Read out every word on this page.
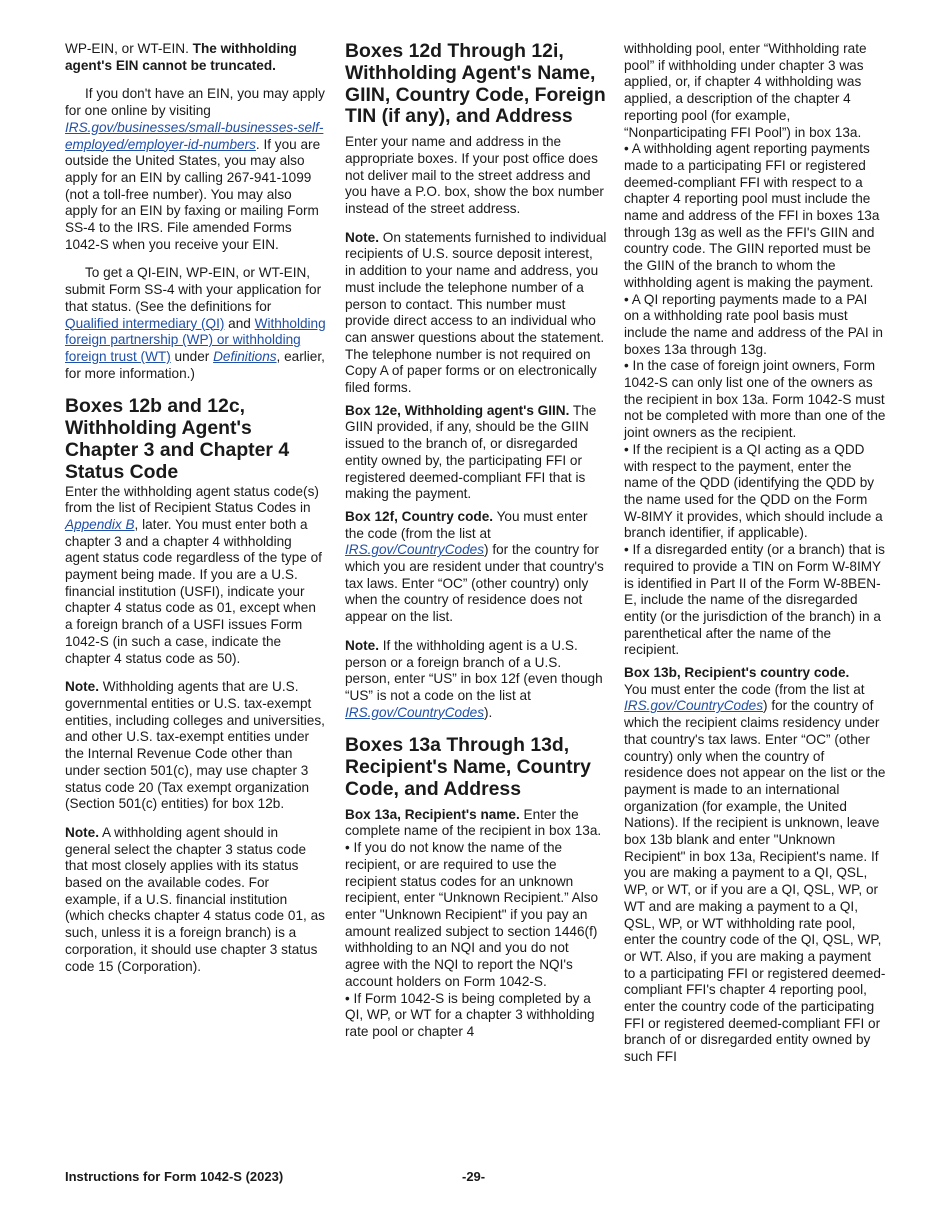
WP-EIN, or WT-EIN. The withholding agent's EIN cannot be truncated.

If you don't have an EIN, you may apply for one online by visiting IRS.gov/businesses/small-businesses-self-employed/employer-id-numbers. If you are outside the United States, you may also apply for an EIN by calling 267-941-1099 (not a toll-free number). You may also apply for an EIN by faxing or mailing Form SS-4 to the IRS. File amended Forms 1042-S when you receive your EIN.

To get a QI-EIN, WP-EIN, or WT-EIN, submit Form SS-4 with your application for that status. (See the definitions for Qualified intermediary (QI) and Withholding foreign partnership (WP) or withholding foreign trust (WT) under Definitions, earlier, for more information.)

Boxes 12b and 12c, Withholding Agent's Chapter 3 and Chapter 4 Status Code

Enter the withholding agent status code(s) from the list of Recipient Status Codes in Appendix B, later. You must enter both a chapter 3 and a chapter 4 withholding agent status code regardless of the type of payment being made. If you are a U.S. financial institution (USFI), indicate your chapter 4 status code as 01, except when a foreign branch of a USFI issues Form 1042-S (in such a case, indicate the chapter 4 status code as 50).

Note. Withholding agents that are U.S. governmental entities or U.S. tax-exempt entities, including colleges and universities, and other U.S. tax-exempt entities under the Internal Revenue Code other than under section 501(c), may use chapter 3 status code 20 (Tax exempt organization (Section 501(c) entities) for box 12b.

Note. A withholding agent should in general select the chapter 3 status code that most closely applies with its status based on the available codes. For example, if a U.S. financial institution (which checks chapter 4 status code 01, as such, unless it is a foreign branch) is a corporation, it should use chapter 3 status code 15 (Corporation).

Boxes 12d Through 12i, Withholding Agent's Name, GIIN, Country Code, Foreign TIN (if any), and Address

Enter your name and address in the appropriate boxes. If your post office does not deliver mail to the street address and you have a P.O. box, show the box number instead of the street address.

Note. On statements furnished to individual recipients of U.S. source deposit interest, in addition to your name and address, you must include the telephone number of a person to contact. This number must provide direct access to an individual who can answer questions about the statement. The telephone number is not required on Copy A of paper forms or on electronically filed forms.

Box 12e, Withholding agent's GIIN. The GIIN provided, if any, should be the GIIN issued to the branch of, or disregarded entity owned by, the participating FFI or registered deemed-compliant FFI that is making the payment.

Box 12f, Country code. You must enter the code (from the list at IRS.gov/CountryCodes) for the country for which you are resident under that country's tax laws. Enter “OC” (other country) only when the country of residence does not appear on the list.

Note. If the withholding agent is a U.S. person or a foreign branch of a U.S. person, enter “US” in box 12f (even though “US” is not a code on the list at IRS.gov/CountryCodes).

Boxes 13a Through 13d, Recipient's Name, Country Code, and Address

Box 13a, Recipient's name. Enter the complete name of the recipient in box 13a.

• If you do not know the name of the recipient, or are required to use the recipient status codes for an unknown recipient, enter “Unknown Recipient.” Also enter "Unknown Recipient" if you pay an amount realized subject to section 1446(f) withholding to an NQI and you do not agree with the NQI to report the NQI's account holders on Form 1042-S.

• If Form 1042-S is being completed by a QI, WP, or WT for a chapter 3 withholding rate pool or chapter 4

withholding pool, enter “Withholding rate pool” if withholding under chapter 3 was applied, or, if chapter 4 withholding was applied, a description of the chapter 4 reporting pool (for example, “Nonparticipating FFI Pool”) in box 13a.

• A withholding agent reporting payments made to a participating FFI or registered deemed-compliant FFI with respect to a chapter 4 reporting pool must include the name and address of the FFI in boxes 13a through 13g as well as the FFI's GIIN and country code. The GIIN reported must be the GIIN of the branch to whom the withholding agent is making the payment.

• A QI reporting payments made to a PAI on a withholding rate pool basis must include the name and address of the PAI in boxes 13a through 13g.

• In the case of foreign joint owners, Form 1042-S can only list one of the owners as the recipient in box 13a. Form 1042-S must not be completed with more than one of the joint owners as the recipient.

• If the recipient is a QI acting as a QDD with respect to the payment, enter the name of the QDD (identifying the QDD by the name used for the QDD on the Form W-8IMY it provides, which should include a branch identifier, if applicable).

• If a disregarded entity (or a branch) that is required to provide a TIN on Form W-8IMY is identified in Part II of the Form W-8BEN-E, include the name of the disregarded entity (or the jurisdiction of the branch) in a parenthetical after the name of the recipient.

Box 13b, Recipient's country code.
You must enter the code (from the list at IRS.gov/CountryCodes) for the country of which the recipient claims residency under that country's tax laws. Enter “OC” (other country) only when the country of residence does not appear on the list or the payment is made to an international organization (for example, the United Nations). If the recipient is unknown, leave box 13b blank and enter "Unknown Recipient" in box 13a, Recipient's name. If you are making a payment to a QI, QSL, WP, or WT, or if you are a QI, QSL, WP, or WT and are making a payment to a QI, QSL, WP, or WT withholding rate pool, enter the country code of the QI, QSL, WP, or WT. Also, if you are making a payment to a participating FFI or registered deemed-compliant FFI's chapter 4 reporting pool, enter the country code of the participating FFI or registered deemed-compliant FFI or branch of or disregarded entity owned by such FFI

Instructions for Form 1042-S (2023)	-29-
